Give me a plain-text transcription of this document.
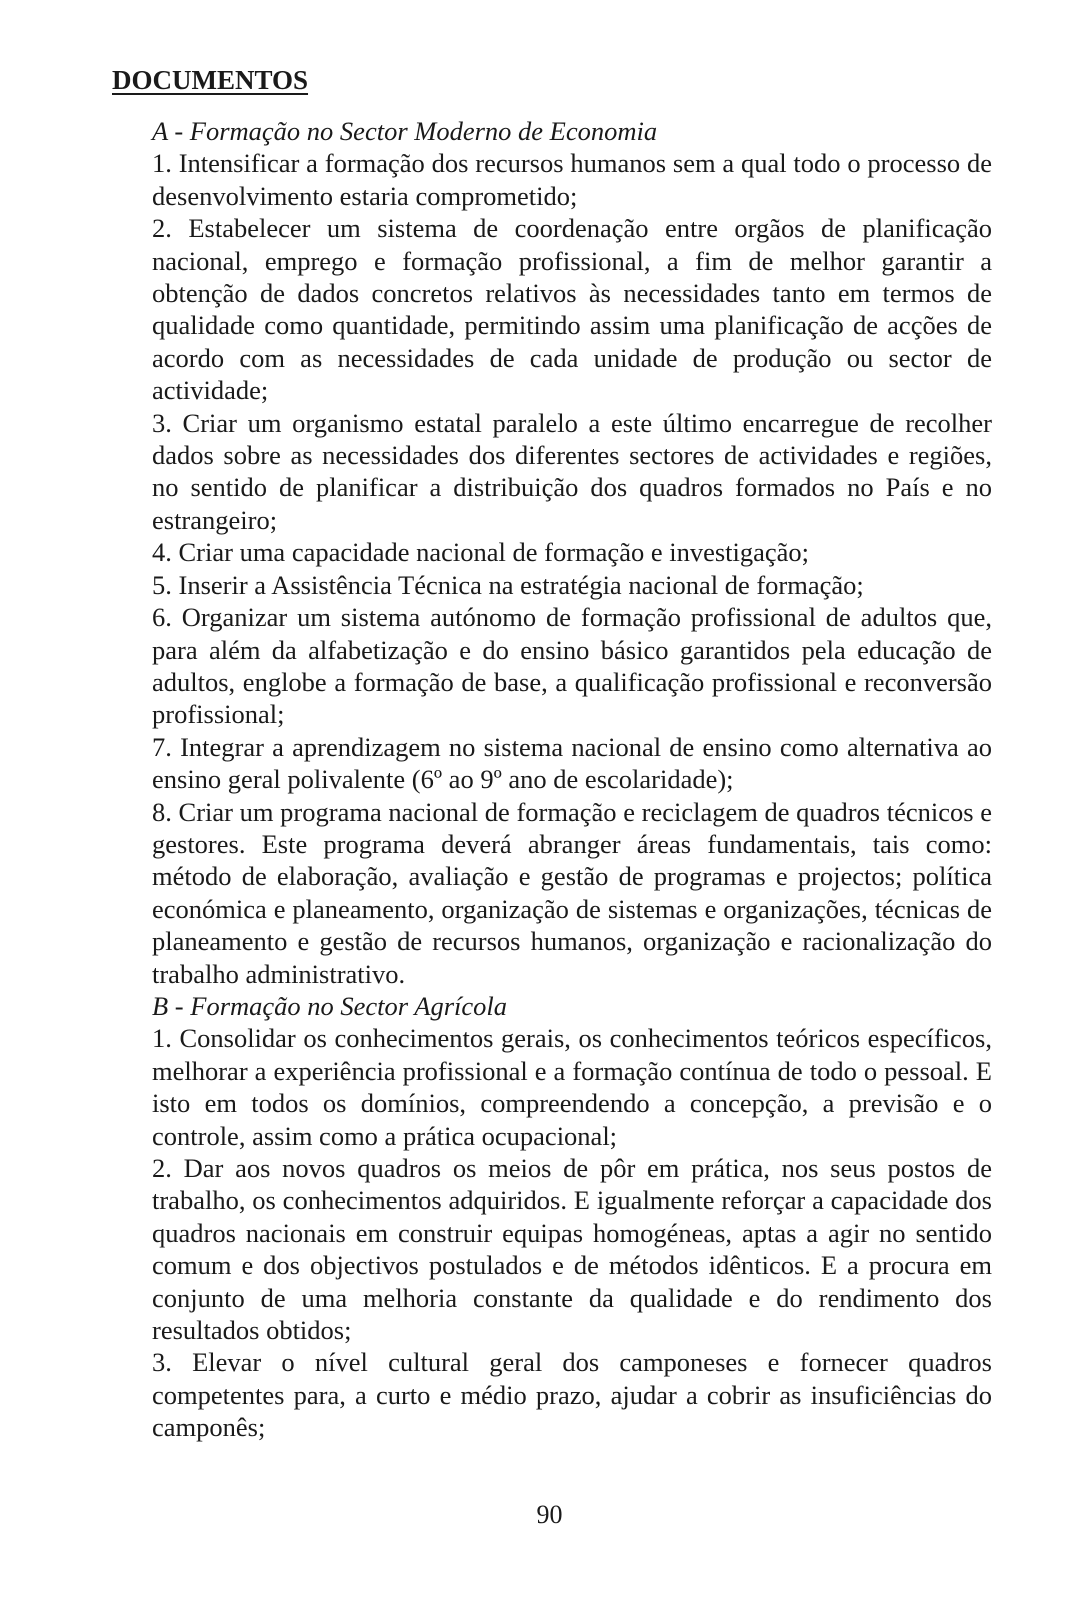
DOCUMENTOS

A - Formação no Sector Moderno de Economia

1. Intensificar a formação dos recursos humanos sem a qual todo o processo de desenvolvimento estaria comprometido;

2. Estabelecer um sistema de coordenação entre orgãos de planificação nacional, emprego e formação profissional, a fim de melhor garantir a obtenção de dados concretos relativos às necessidades tanto em termos de qualidade como quantidade, permitindo assim uma planificação de acções de acordo com as necessidades de cada unidade de produção ou sector de actividade;

3. Criar um organismo estatal paralelo a este último encarregue de recolher dados sobre as necessidades dos diferentes sectores de actividades e regiões, no sentido de planificar a distribuição dos quadros formados no País e no estrangeiro;

4. Criar uma capacidade nacional de formação e investigação;

5. Inserir a Assistência Técnica na estratégia nacional de formação;

6. Organizar um sistema autónomo de formação profissional de adultos que, para além da alfabetização e do ensino básico garantidos pela educação de adultos, englobe a formação de base, a qualificação profissional e reconversão profissional;

7. Integrar a aprendizagem no sistema nacional de ensino como alternativa ao ensino geral polivalente (6º ao 9º ano de escolaridade);

8. Criar um programa nacional de formação e reciclagem de quadros técnicos e gestores. Este programa deverá abranger áreas fundamentais, tais como: método de elaboração, avaliação e gestão de programas e projectos; política económica e planeamento, organização de sistemas e organizações, técnicas de planeamento e gestão de recursos humanos, organização e racionalização do trabalho administrativo.

B - Formação no Sector Agrícola

1. Consolidar os conhecimentos gerais, os conhecimentos teóricos específicos, melhorar a experiência profissional e a formação contínua de todo o pessoal. E isto em todos os domínios, compreendendo a concepção, a previsão e o controle, assim como a prática ocupacional;

2. Dar aos novos quadros os meios de pôr em prática, nos seus postos de trabalho, os conhecimentos adquiridos. E igualmente reforçar a capacidade dos quadros nacionais em construir equipas homogéneas, aptas a agir no sentido comum e dos objectivos postulados e de métodos idênticos. E a procura em conjunto de uma melhoria constante da qualidade e do rendimento dos resultados obtidos;

3. Elevar o nível cultural geral dos camponeses e fornecer quadros competentes para, a curto e médio prazo, ajudar a cobrir as insuficiências do camponês;

90
